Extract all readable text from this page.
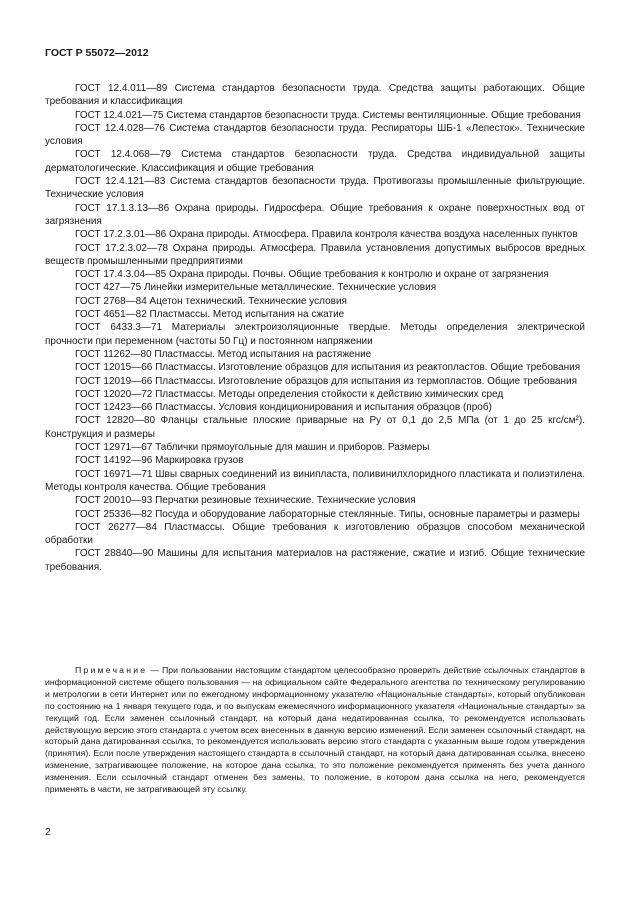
ГОСТ Р 55072—2012

ГОСТ 12.4.011—89 Система стандартов безопасности труда. Средства защиты работающих. Общие требования и классификация

ГОСТ 12.4.021—75 Система стандартов безопасности труда. Системы вентиляционные. Общие требования

ГОСТ 12.4.028—76 Система стандартов безопасности труда. Респираторы ШБ-1 «Лепесток». Технические условия

ГОСТ 12.4.068—79 Система стандартов безопасности труда. Средства индивидуальной защиты дерматологические. Классификация и общие требования

ГОСТ 12.4.121—83 Система стандартов безопасности труда. Противогазы промышленные фильтрующие. Технические условия

ГОСТ 17.1.3.13—86 Охрана природы. Гидросфера. Общие требования к охране поверхностных вод от загрязнения

ГОСТ 17.2.3.01—86 Охрана природы. Атмосфера. Правила контроля качества воздуха населенных пунктов

ГОСТ 17.2.3.02—78 Охрана природы. Атмосфера. Правила установления допустимых выбросов вредных веществ промышленными предприятиями

ГОСТ 17.4.3.04—85 Охрана природы. Почвы. Общие требования к контролю и охране от загрязнения

ГОСТ 427—75 Линейки измерительные металлические. Технические условия

ГОСТ 2768—84 Ацетон технический. Технические условия

ГОСТ 4651—82 Пластмассы. Метод испытания на сжатие

ГОСТ 6433.3—71 Материалы электроизоляционные твердые. Методы определения электрической прочности при переменном (частоты 50 Гц) и постоянном напряжении

ГОСТ 11262—80 Пластмассы. Метод испытания на растяжение

ГОСТ 12015—66 Пластмассы. Изготовление образцов для испытания из реактопластов. Общие требования

ГОСТ 12019—66 Пластмассы. Изготовление образцов для испытания из термопластов. Общие требования

ГОСТ 12020—72 Пластмассы. Методы определения стойкости к действию химических сред

ГОСТ 12423—66 Пластмассы. Условия кондиционирования и испытания образцов (проб)

ГОСТ 12820—80 Фланцы стальные плоские приварные на Ру от 0,1 до 2,5 МПа (от 1 до 25 кгс/см²). Конструкция и размеры

ГОСТ 12971—67 Таблички прямоугольные для машин и приборов. Размеры

ГОСТ 14192—96 Маркировка грузов

ГОСТ 16971—71 Швы сварных соединений из винипласта, поливинилхлоридного пластиката и полиэтилена. Методы контроля качества. Общие требования

ГОСТ 20010—93 Перчатки резиновые технические. Технические условия

ГОСТ 25336—82 Посуда и оборудование лабораторные стеклянные. Типы, основные параметры и размеры

ГОСТ 26277—84 Пластмассы. Общие требования к изготовлению образцов способом механической обработки

ГОСТ 28840—90 Машины для испытания материалов на растяжение, сжатие и изгиб. Общие технические требования.

Примечание — При пользовании настоящим стандартом целесообразно проверить действие ссылочных стандартов в информационной системе общего пользования — на официальном сайте Федерального агентства по техническому регулированию и метрологии в сети Интернет или по ежегодному информационному указателю «Национальные стандарты», который опубликован по состоянию на 1 января текущего года, и по выпускам ежемесячного информационного указателя «Национальные стандарты» за текущий год. Если заменен ссылочный стандарт, на который дана недатированная ссылка, то рекомендуется использовать действующую версию этого стандарта с учетом всех внесенных в данную версию изменений. Если заменен ссылочный стандарт, на который дана датированная ссылка, то рекомендуется использовать версию этого стандарта с указанным выше годом утверждения (принятия). Если после утверждения настоящего стандарта в ссылочный стандарт, на который дана датированная ссылка, внесено изменение, затрагивающее положение, на которое дана ссылка, то это положение рекомендуется применять без учета данного изменения. Если ссылочный стандарт отменен без замены, то положение, в котором дана ссылка на него, рекомендуется применять в части, не затрагивающей эту ссылку.

2
